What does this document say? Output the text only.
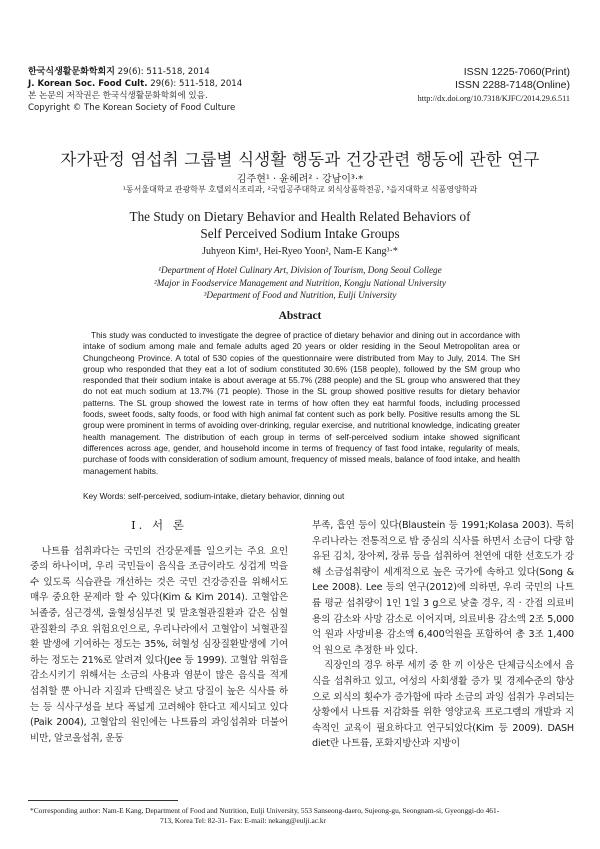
한국식생활문화학회지 29(6): 511-518, 2014
J. Korean Soc. Food Cult. 29(6): 511-518, 2014
본 논문의 저작권은 한국식생활문화학회에 있음.
Copyright © The Korean Society of Food Culture
ISSN 1225-7060(Print)
ISSN 2288-7148(Online)
http://dx.doi.org/10.7318/KJFC/2014.29.6.511
자가판정 염섭취 그룹별 식생활 행동과 건강관련 행동에 관한 연구
김주현¹ · 윤혜려² · 강남이³·*
¹동서울대학교 관광학부 호텔외식조리과, ²국립공주대학교 외식상품학전공, ³을지대학교 식품영양학과
The Study on Dietary Behavior and Health Related Behaviors of
Self Perceived Sodium Intake Groups
Juhyeon Kim¹, Hei-Ryeo Yoon², Nam-E Kang³·*
¹Department of Hotel Culinary Art, Division of Tourism, Dong Seoul College
²Major in Foodservice Management and Nutrition, Kongju National University
³Department of Food and Nutrition, Eulji University
Abstract
This study was conducted to investigate the degree of practice of dietary behavior and dining out in accordance with intake of sodium among male and female adults aged 20 years or older residing in the Seoul Metropolitan area or Chungcheong Province. A total of 530 copies of the questionnaire were distributed from May to July, 2014. The SH group who responded that they eat a lot of sodium constituted 30.6% (158 people), followed by the SM group who responded that their sodium intake is about average at 55.7% (288 people) and the SL group who answered that they do not eat much sodium at 13.7% (71 people). Those in the SL group showed positive results for dietary behavior patterns. The SL group showed the lowest rate in terms of how often they eat harmful foods, including processed foods, sweet foods, salty foods, or food with high animal fat content such as pork belly. Positive results among the SL group were prominent in terms of avoiding over-drinking, regular exercise, and nutritional knowledge, indicating greater health management. The distribution of each group in terms of self-perceived sodium intake showed significant differences across age, gender, and household income in terms of frequency of fast food intake, regularity of meals, purchase of foods with consideration of sodium amount, frequency of missed meals, balance of food intake, and health management habits.
Key Words: self-perceived, sodium-intake, dietary behavior, dinning out
I. 서 론

나트륨 섭취과다는 국민의 건강문제를 일으키는 주요 요인 중의 하나이며, 우리 국민들이 음식을 조금이라도 싱겁게 먹을 수 있도록 식습관을 개선하는 것은 국민 건강증진을 위해서도 매우 중요한 문제라 할 수 있다(Kim & Kim 2014). 고혈압은 뇌졸중, 심근경색, 울혈성심부전 및 말초혈관질환과 같은 심혈관질환의 주요 위험요인으로, 우리나라에서 고혈압이 뇌혈관질환 발생에 기여하는 정도는 35%, 허혈성 심장질환발생에 기여하는 정도는 21%로 알려져 있다(Jee 등 1999). 고혈압 위험을 감소시키기 위해서는 소금의 사용과 염분이 많은 음식을 적게 섭취할 뿐 아니라 지질과 단백질은 낮고 당질이 높은 식사를 하는 등 식사구성을 보다 폭넓게 고려해야 한다고 제시되고 있다(Paik 2004), 고혈압의 원인에는 나트륨의 과잉섭취와 더불어 비만, 알코올섭취, 운동

부족, 흡연 등이 있다(Blaustein 등 1991;Kolasa 2003). 특히 우리나라는 전통적으로 밥 중심의 식사를 하면서 소금이 다량 함유된 김치, 장아찌, 장류 등을 섭취하여 천연에 대한 선호도가 강해 소금섭취량이 세계적으로 높은 국가에 속하고 있다(Song & Lee 2008). Lee 등의 연구(2012)에 의하면, 우리 국민의 나트륨 평균 섭취량이 1인 1일 3 g으로 낮출 경우, 직 · 간접 의료비용의 감소와 사망 감소로 이어지며, 의료비용 감소액 2조 5,000억 원과 사망비용 감소액 6,400억원을 포함하여 총 3조 1,400억 원으로 추정한 바 있다.

직장인의 경우 하루 세끼 중 한 끼 이상은 단체급식소에서 음식을 섭취하고 있고, 여성의 사회생활 증가 및 경제수준의 향상으로 외식의 횟수가 증가함에 따라 소금의 과잉 섭취가 우려되는 상황에서 나트륨 저감화를 위한 영양교육 프로그램의 개발과 지속적인 교육이 필요하다고 연구되었다(Kim 등 2009). DASH diet란 나트륨, 포화지방산과 지방이

*Corresponding author: Nam-E Kang, Department of Food and Nutrition, Eulji University, 553 Sanseong-daero, Sujeong-gu, Seongnam-si, Gyeonggi-do 461-
713, Korea Tel: 82-31- Fax: E-mail: nekang@eulji.ac.kr
